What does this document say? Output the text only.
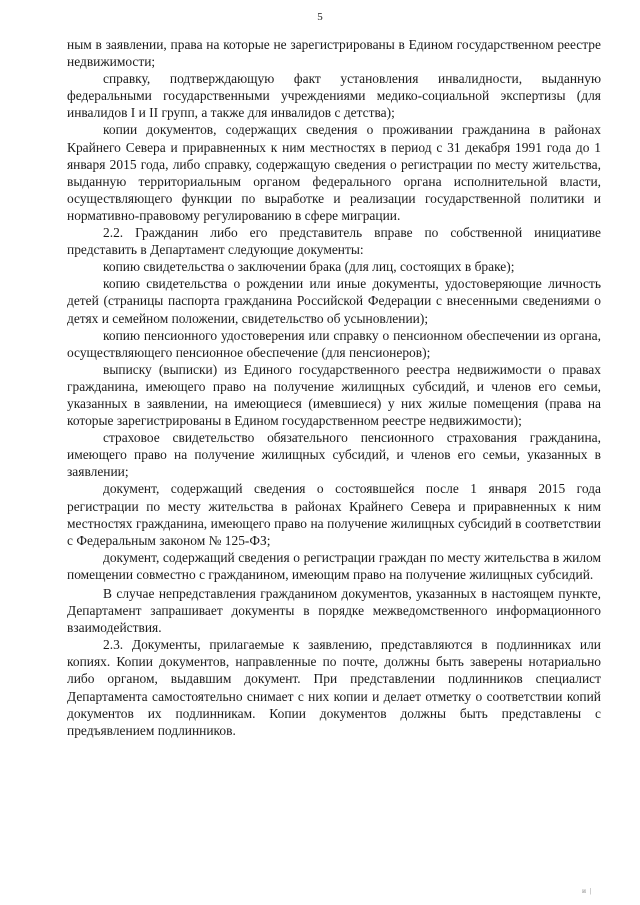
5

ным в заявлении, права на которые не зарегистрированы в Едином государственном реестре недвижимости;

справку, подтверждающую факт установления инвалидности, выданную федеральными государственными учреждениями медико-социальной экспертизы (для инвалидов I и II групп, а также для инвалидов с детства);

копии документов, содержащих сведения о проживании гражданина в районах Крайнего Севера и приравненных к ним местностях в период с 31 декабря 1991 года до 1 января 2015 года, либо справку, содержащую сведения о регистрации по месту жительства, выданную территориальным органом федерального органа исполнительной власти, осуществляющего функции по выработке и реализации государственной политики и нормативно-правовому регулированию в сфере миграции.

2.2. Гражданин либо его представитель вправе по собственной инициативе представить в Департамент следующие документы:

копию свидетельства о заключении брака (для лиц, состоящих в браке);

копию свидетельства о рождении или иные документы, удостоверяющие личность детей (страницы паспорта гражданина Российской Федерации с внесенными сведениями о детях и семейном положении, свидетельство об усыновлении);

копию пенсионного удостоверения или справку о пенсионном обеспечении из органа, осуществляющего пенсионное обеспечение (для пенсионеров);

выписку (выписки) из Единого государственного реестра недвижимости о правах гражданина, имеющего право на получение жилищных субсидий, и членов его семьи, указанных в заявлении, на имеющиеся (имевшиеся) у них жилые помещения (права на которые зарегистрированы в Едином государственном реестре недвижимости);

страховое свидетельство обязательного пенсионного страхования гражданина, имеющего право на получение жилищных субсидий, и членов его семьи, указанных в заявлении;

документ, содержащий сведения о состоявшейся после 1 января 2015 года регистрации по месту жительства в районах Крайнего Севера и приравненных к ним местностях гражданина, имеющего право на получение жилищных субсидий в соответствии с Федеральным законом № 125-ФЗ;

документ, содержащий сведения о регистрации граждан по месту жительства в жилом помещении совместно с гражданином, имеющим право на получение жилищных субсидий.

В случае непредставления гражданином документов, указанных в настоящем пункте, Департамент запрашивает документы в порядке межведомственного информационного взаимодействия.

2.3. Документы, прилагаемые к заявлению, представляются в подлинниках или копиях. Копии документов, направленные по почте, должны быть заверены нотариально либо органом, выдавшим документ. При представлении подлинников специалист Департамента самостоятельно снимает с них копии и делает отметку о соответствии копий документов их подлинникам. Копии документов должны быть представлены с предъявлением подлинников.

и |
